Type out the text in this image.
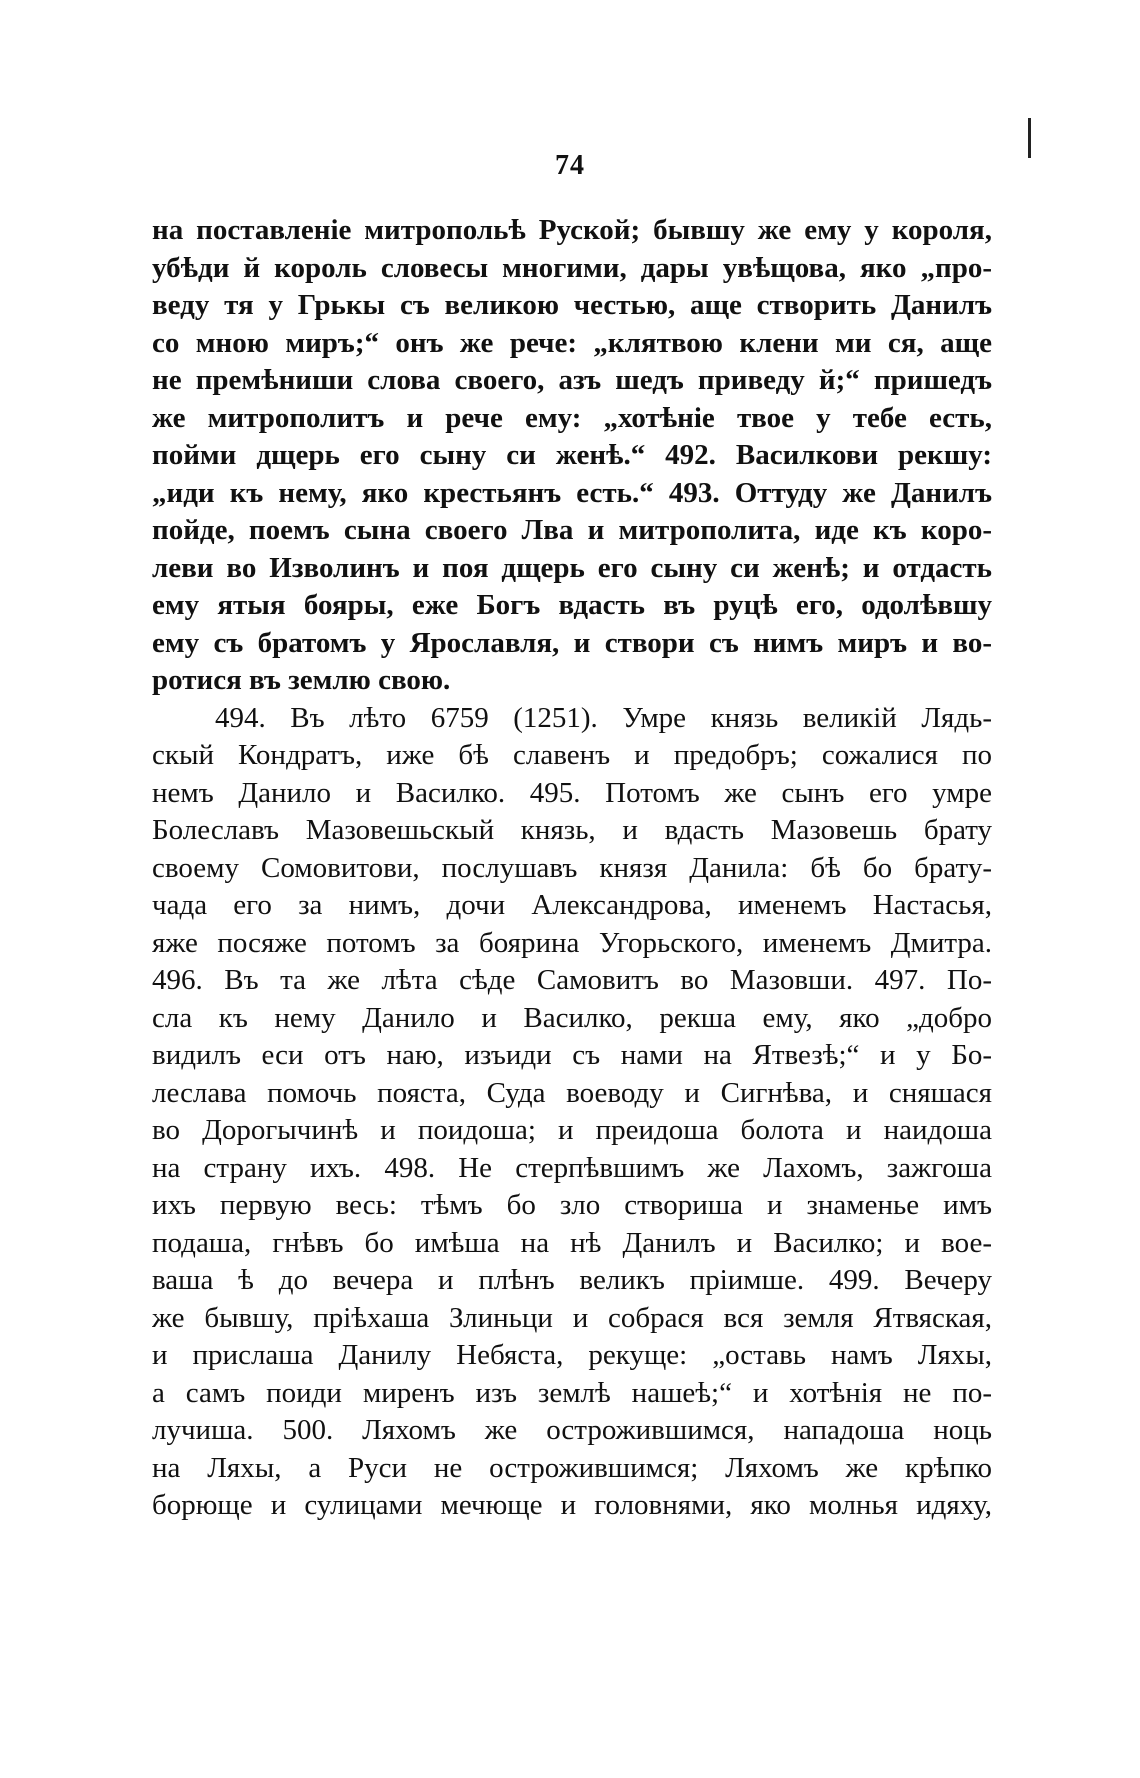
74
на поставленіе митропольѣ Руской; бывшу же ему у короля,
убѣди й король словесы многими, дары увѣщова, яко „про-
веду тя у Грькы съ великою честью, аще створить Данилъ
со мною миръ;“ онъ же рече: „клятвою клени ми ся, аще
не премѣниши слова своего, азъ шедъ приведу й;“ пришедъ
же митрополитъ и рече ему: „хотѣніе твое у тебе есть,
пойми дщерь его сыну си женѣ.“ 492. Василкови рекшу:
„иди къ нему, яко крестьянъ есть.“ 493. Оттуду же Данилъ
пойде, поемъ сына своего Лва и митрополита, иде къ коро-
леви во Изволинъ и поя дщерь его сыну си женѣ; и отдасть
ему ятыя бояры, еже Богъ вдасть въ руцѣ его, одолѣвшу
ему съ братомъ у Ярославля, и створи съ нимъ миръ и во-
ротися въ землю свою.
494. Въ лѣто 6759 (1251). Умре князь великій Лядь-
скый Кондратъ, иже бѣ славенъ и предобръ; сожалися по
немъ Данило и Василко. 495. Потомъ же сынъ его умре
Болеславъ Мазовешьскый князь, и вдасть Мазовешь брату
своему Сомовитови, послушавъ князя Данила: бѣ бо брату-
чада его за нимъ, дочи Александрова, именемъ Настасья,
яже посяже потомъ за боярина Угорьского, именемъ Дмитра.
496. Въ та же лѣта сѣде Самовитъ во Мазовши. 497. По-
сла къ нему Данило и Василко, рекша ему, яко „добро
видилъ еси отъ наю, изъиди съ нами на Ятвезѣ;“ и у Бо-
леслава помочь пояста, Суда воеводу и Сигнѣва, и сняшася
во Дорогычинѣ и поидоша; и преидоша болота и наидоша
на страну ихъ. 498. Не стерпѣвшимъ же Лахомъ, зажгоша
ихъ первую весь: тѣмъ бо зло створиша и знаменье имъ
подаша, гнѣвъ бо имѣша на нѣ Данилъ и Василко; и вое-
ваша ѣ до вечера и плѣнъ великъ пріимше. 499. Вечеру
же бывшу, пріѣхаша Злиньци и собрася вся земля Ятвяская,
и прислаша Данилу Небяста, рекуще: „оставь намъ Ляхы,
а самъ поиди миренъ изъ землѣ нашеѣ;“ и хотѣнія не по-
лучиша. 500. Ляхомъ же острожившимся, нападоша ноць
на Ляхы, а Руси не острожившимся; Ляхомъ же крѣпко
борюще и сулицами мечюще и головнями, яко молнья идяху,
